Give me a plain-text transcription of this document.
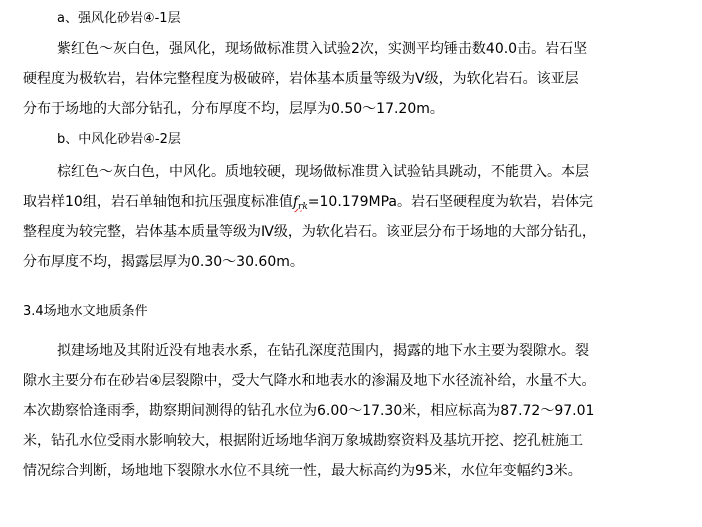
a、强风化砂岩④-1层
紫红色～灰白色，强风化，现场做标准贯入试验2次，实测平均锤击数40.0击。岩石坚
硬程度为极软岩，岩体完整程度为极破碎，岩体基本质量等级为Ⅴ级，为软化岩石。该亚层
分布于场地的大部分钻孔，分布厚度不均，层厚为0.50～17.20m。
b、中风化砂岩④-2层
棕红色～灰白色，中风化。质地较硬，现场做标准贯入试验钻具跳动，不能贯入。本层
取岩样10组，岩石单轴饱和抗压强度标准值$f_{rk}=10.179MPa$。岩石坚硬程度为软岩，岩体完
整程度为较完整，岩体基本质量等级为Ⅳ级，为软化岩石。该亚层分布于场地的大部分钻孔，
分布厚度不均，揭露层厚为0.30～30.60m。
3.4场地水文地质条件
拟建场地及其附近没有地表水系，在钻孔深度范围内，揭露的地下水主要为裂隙水。裂
隙水主要分布在砂岩④层裂隙中，受大气降水和地表水的渗漏及地下水径流补给，水量不大。
本次勘察恰逢雨季，勘察期间测得的钻孔水位为6.00～17.30米，相应标高为87.72～97.01
米，钻孔水位受雨水影响较大，根据附近场地华润万象城勘察资料及基坑开挖、挖孔桩施工
情况综合判断，场地地下裂隙水水位不具统一性，最大标高约为95米，水位年变幅约3米。
